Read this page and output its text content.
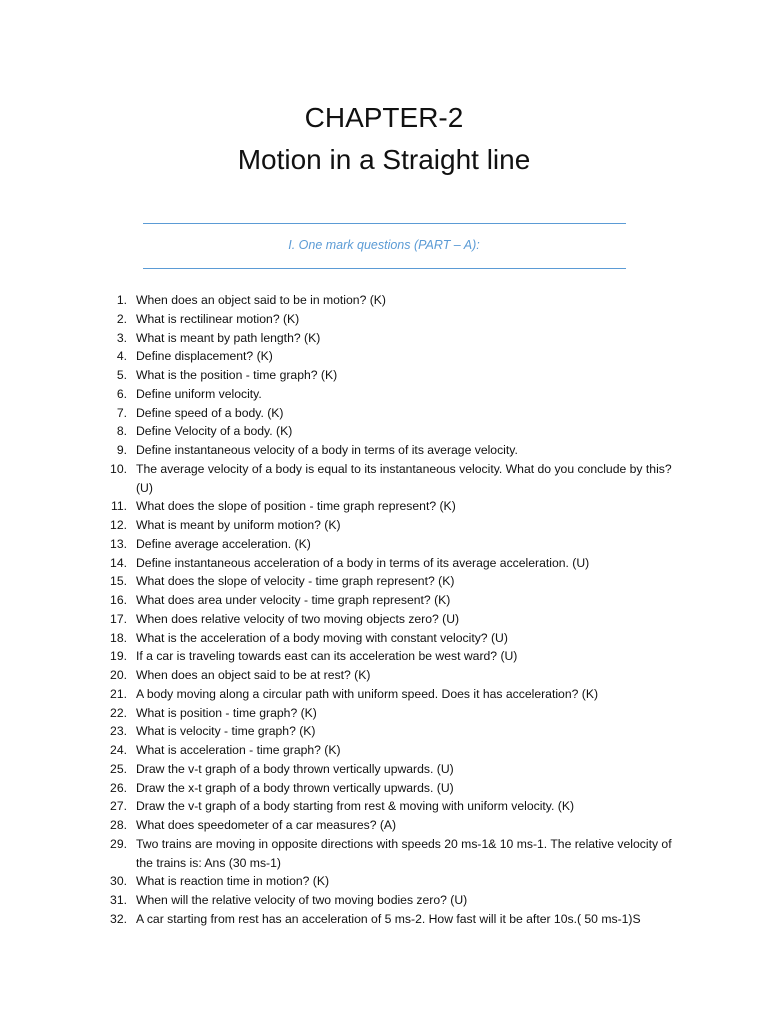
CHAPTER-2
Motion in a Straight line
I. One mark questions (PART – A):
1. When does an object said to be in motion? (K)
2. What is rectilinear motion? (K)
3. What is meant by path length? (K)
4. Define displacement? (K)
5. What is the position - time graph? (K)
6. Define uniform velocity.
7. Define speed of a body. (K)
8. Define Velocity of a body. (K)
9. Define instantaneous velocity of a body in terms of its average velocity.
10. The average velocity of a body is equal to its instantaneous velocity. What do you conclude by this? (U)
11. What does the slope of position - time graph represent? (K)
12. What is meant by uniform motion? (K)
13. Define average acceleration. (K)
14. Define instantaneous acceleration of a body in terms of its average acceleration. (U)
15. What does the slope of velocity - time graph represent? (K)
16. What does area under velocity - time graph represent? (K)
17. When does relative velocity of two moving objects zero? (U)
18. What is the acceleration of a body moving with constant velocity? (U)
19. If a car is traveling towards east can its acceleration be west ward? (U)
20. When does an object said to be at rest? (K)
21. A body moving along a circular path with uniform speed. Does it has acceleration? (K)
22. What is position - time graph? (K)
23. What is velocity - time graph? (K)
24. What is acceleration - time graph? (K)
25. Draw the v-t graph of a body thrown vertically upwards. (U)
26. Draw the x-t graph of a body thrown vertically upwards. (U)
27. Draw the v-t graph of a body starting from rest & moving with uniform velocity. (K)
28. What does speedometer of a car measures? (A)
29. Two trains are moving in opposite directions with speeds 20 ms-1& 10 ms-1. The relative velocity of the trains is: Ans (30 ms-1)
30. What is reaction time in motion? (K)
31. When will the relative velocity of two moving bodies zero? (U)
32. A car starting from rest has an acceleration of 5 ms-2. How fast will it be after 10s.( 50 ms-1)S
